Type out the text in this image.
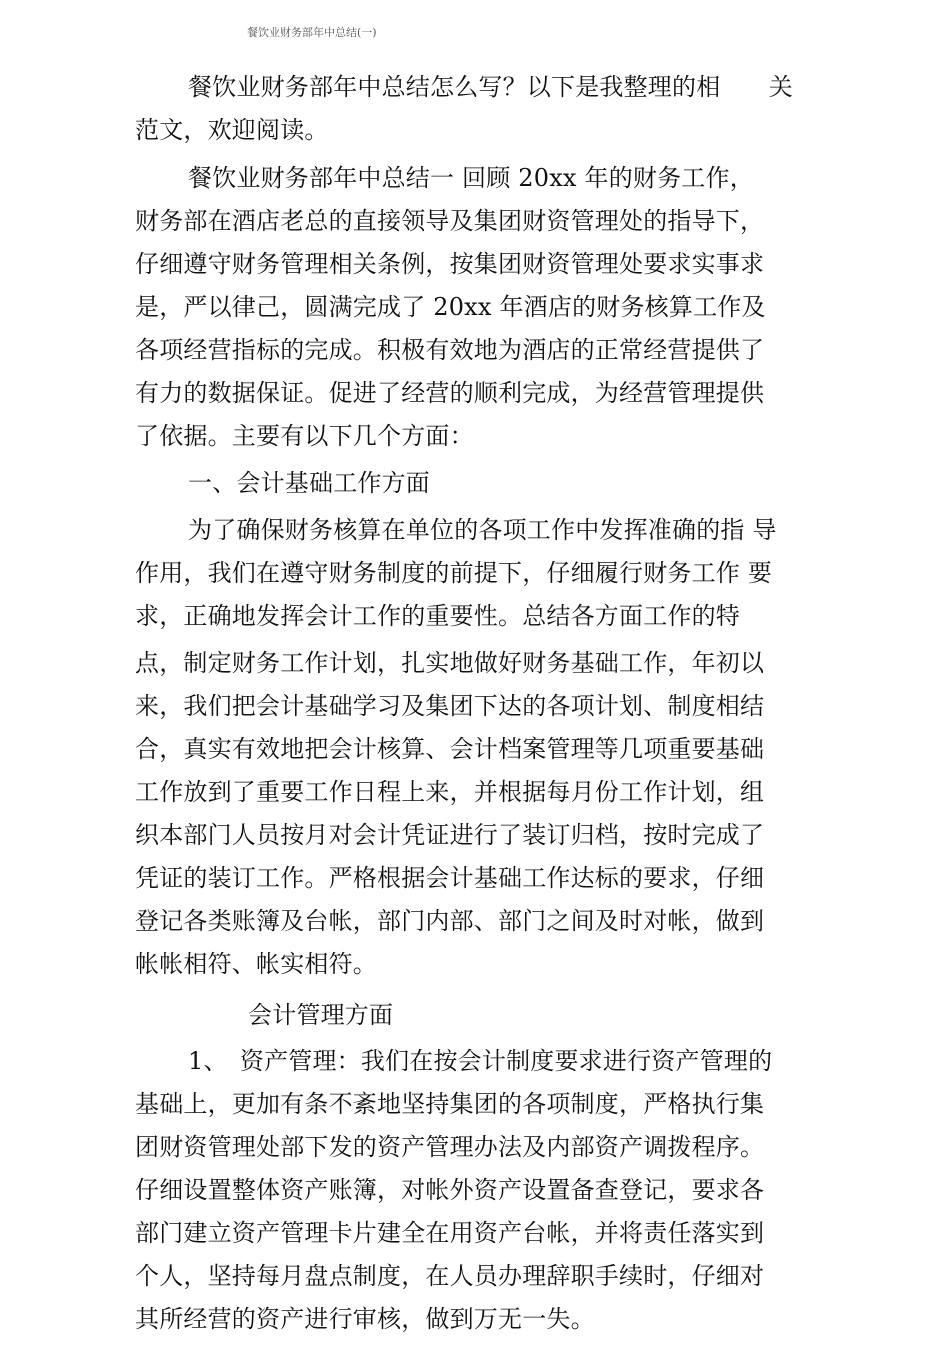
餐饮业财务部年中总结(一)
餐饮业财务部年中总结怎么写？以下是我整理的相　　关
范文，欢迎阅读。
餐饮业财务部年中总结一 回顾 20xx 年的财务工作，
财务部在酒店老总的直接领导及集团财资管理处的指导下，
仔细遵守财务管理相关条例，按集团财资管理处要求实事求
是，严以律己，圆满完成了 20xx 年酒店的财务核算工作及
各项经营指标的完成。积极有效地为酒店的正常经营提供了
有力的数据保证。促进了经营的顺利完成，为经营管理提供
了依据。主要有以下几个方面：
一、会计基础工作方面
为了确保财务核算在单位的各项工作中发挥准确的指 导
作用，我们在遵守财务制度的前提下，仔细履行财务工作 要
求，正确地发挥会计工作的重要性。总结各方面工作的特
点，制定财务工作计划，扎实地做好财务基础工作，年初以
来，我们把会计基础学习及集团下达的各项计划、制度相结
合，真实有效地把会计核算、会计档案管理等几项重要基础
工作放到了重要工作日程上来，并根据每月份工作计划，组
织本部门人员按月对会计凭证进行了装订归档，按时完成了
凭证的装订工作。严格根据会计基础工作达标的要求，仔细
登记各类账簿及台帐，部门内部、部门之间及时对帐，做到
帐帐相符、帐实相符。
会计管理方面
1、　资产管理：我们在按会计制度要求进行资产管理的
基础上，更加有条不紊地坚持集团的各项制度，严格执行集
团财资管理处部下发的资产管理办法及内部资产调拨程序。
仔细设置整体资产账簿，对帐外资产设置备查登记，要求各
部门建立资产管理卡片建全在用资产台帐，并将责任落实到
个人，坚持每月盘点制度，在人员办理辞职手续时，仔细对
其所经营的资产进行审核，做到万无一失。
